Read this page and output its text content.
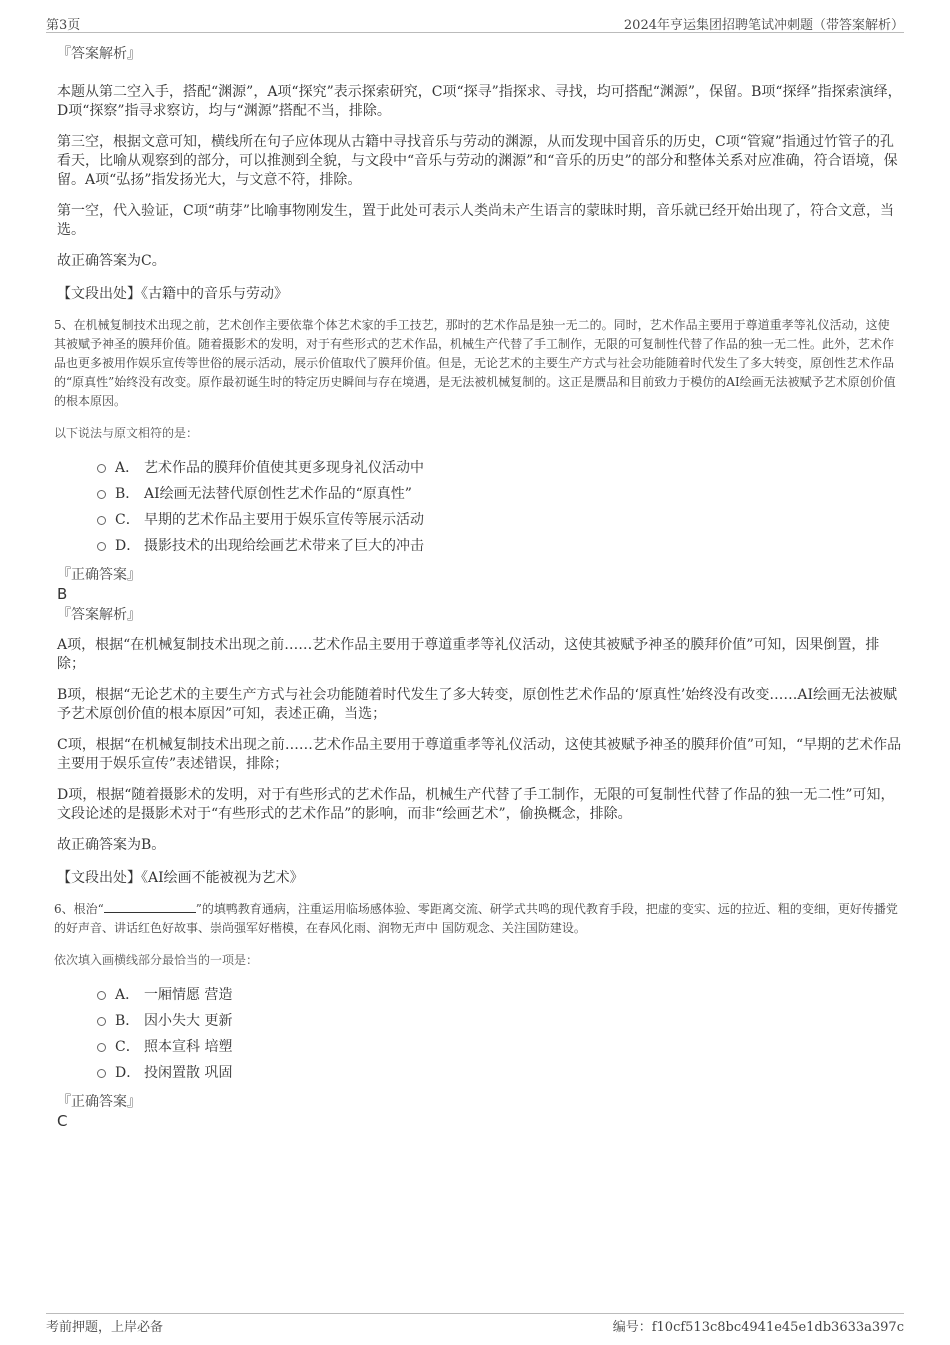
第3页	2024年亨运集团招聘笔试冲刺题（带答案解析）

『答案解析』

本题从第二空入手，搭配“渊源”，A项“探究”表示探索研究，C项“探寻”指探求、寻找，均可搭配“渊源”，保留。B项“探绎”指探索演绎，D项“探察”指寻求察访，均与“渊源”搭配不当，排除。

第三空，根据文意可知，横线所在句子应体现从古籍中寻找音乐与劳动的渊源，从而发现中国音乐的历史，C项“管窥”指通过竹管子的孔看天，比喻从观察到的部分，可以推测到全貌，与文段中“音乐与劳动的渊源”和“音乐的历史”的部分和整体关系对应准确，符合语境，保留。A项“弘扬”指发扬光大，与文意不符，排除。

第一空，代入验证，C项“萌芽”比喻事物刚发生，置于此处可表示人类尚未产生语言的蒙昧时期，音乐就已经开始出现了，符合文意，当选。

故正确答案为C。

【文段出处】《古籍中的音乐与劳动》

5、在机械复制技术出现之前，艺术创作主要依靠个体艺术家的手工技艺，那时的艺术作品是独一无二的。同时，艺术作品主要用于尊道重孝等礼仪活动，这使其被赋予神圣的膜拜价值。随着摄影术的发明，对于有些形式的艺术作品，机械生产代替了手工制作，无限的可复制性代替了作品的独一无二性。此外，艺术作品也更多被用作娱乐宣传等世俗的展示活动，展示价值取代了膜拜价值。但是，无论艺术的主要生产方式与社会功能随着时代发生了多大转变，原创性艺术作品的“原真性”始终没有改变。原作最初诞生时的特定历史瞬间与存在境遇，是无法被机械复制的。这正是赝品和目前致力于模仿的AI绘画无法被赋予艺术原创价值的根本原因。

以下说法与原文相符的是：

A． 艺术作品的膜拜价值使其更多现身礼仪活动中
B． AI绘画无法替代原创性艺术作品的“原真性”
C． 早期的艺术作品主要用于娱乐宣传等展示活动
D． 摄影技术的出现给绘画艺术带来了巨大的冲击

『正确答案』

B

『答案解析』

A项，根据“在机械复制技术出现之前……艺术作品主要用于尊道重孝等礼仪活动，这使其被赋予神圣的膜拜价值”可知，因果倒置，排除；

B项，根据“无论艺术的主要生产方式与社会功能随着时代发生了多大转变，原创性艺术作品的‘原真性’始终没有改变……AI绘画无法被赋予艺术原创价值的根本原因”可知，表述正确，当选；

C项，根据“在机械复制技术出现之前……艺术作品主要用于尊道重孝等礼仪活动，这使其被赋予神圣的膜拜价值”可知，“早期的艺术作品主要用于娱乐宣传”表述错误，排除；

D项，根据“随着摄影术的发明，对于有些形式的艺术作品，机械生产代替了手工制作，无限的可复制性代替了作品的独一无二性”可知，文段论述的是摄影术对于“有些形式的艺术作品”的影响，而非“绘画艺术”，偷换概念，排除。

故正确答案为B。

【文段出处】《AI绘画不能被视为艺术》

6、根治“	”的填鸭教育通病，注重运用临场感体验、零距离交流、研学式共鸣的现代教育手段，把虚的变实、远的拉近、粗的变细，更好传播党的好声音、讲话红色好故事、崇尚强军好楷模，在春风化雨、润物无声中 国防观念、关注国防建设。

依次填入画横线部分最恰当的一项是：

A． 一厢情愿 营造
B． 因小失大 更新
C． 照本宣科 培塑
D． 投闲置散 巩固

『正确答案』

C

考前押题，上岸必备	编号：f10cf513c8bc4941e45e1db3633a397c
